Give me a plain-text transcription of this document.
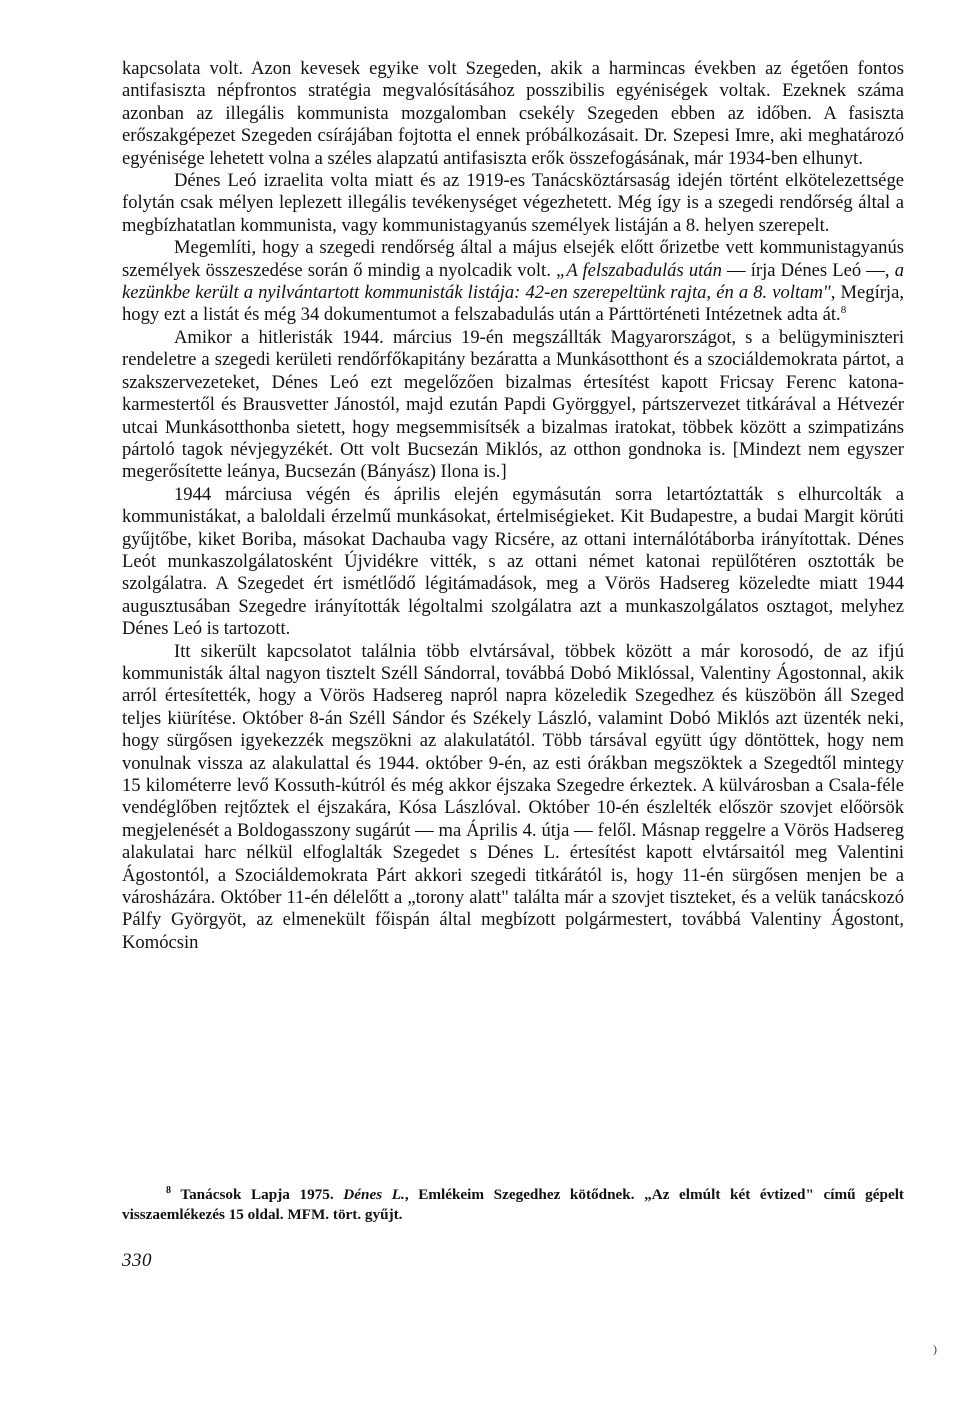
kapcsolata volt. Azon kevesek egyike volt Szegeden, akik a harmincas években az égetően fontos antifasiszta népfrontos stratégia megvalósításához posszibilis egyéniségek voltak. Ezeknek száma azonban az illegális kommunista mozgalomban csekély Szegeden ebben az időben. A fasiszta erőszakgépezet Szegeden csírájában fojtotta el ennek próbálkozásait. Dr. Szepesi Imre, aki meghatározó egyénisége lehetett volna a széles alapzatú antifasiszta erők összefogásának, már 1934-ben elhunyt.

Dénes Leó izraelita volta miatt és az 1919-es Tanácsköztársaság idején történt elkötelezettsége folytán csak mélyen leplezett illegális tevékenységet végezhetett. Még így is a szegedi rendőrség által a megbízhatatlan kommunista, vagy kommunistagyanús személyek listáján a 8. helyen szerepelt.

Megemlíti, hogy a szegedi rendőrség által a május elsejék előtt őrizetbe vett kommunistagyanús személyek összeszedése során ő mindig a nyolcadik volt. „A felszabadulás után — írja Dénes Leó —, a kezünkbe került a nyilvántartott kommunisták listája: 42-en szerepeltünk rajta, én a 8. voltam", Megírja, hogy ezt a listát és még 34 dokumentumot a felszabadulás után a Párttörténeti Intézetnek adta át.$^8$

Amikor a hitleristák 1944. március 19-én megszállták Magyarországot, s a belügyminiszteri rendeletre a szegedi kerületi rendőrfőkapitány bezáratta a Munkásotthont és a szociáldemokrata pártot, a szakszervezeteket, Dénes Leó ezt megelőzően bizalmas értesítést kapott Fricsay Ferenc katona-karmestertől és Brausvetter Jánostól, majd ezután Papdi Györggyel, pártszervezet titkárával a Hétvezér utcai Munkásotthonba sietett, hogy megsemmisítsék a bizalmas iratokat, többek között a szimpatizáns pártoló tagok névjegyzékét. Ott volt Bucsezán Miklós, az otthon gondnoka is. [Mindezt nem egyszer megerősítette leánya, Bucsezán (Bányász) Ilona is.]

1944 márciusa végén és április elején egymásután sorra letartóztatták s elhurcolták a kommunistákat, a baloldali érzelmű munkásokat, értelmiségieket. Kit Budapestre, a budai Margit körúti gyűjtőbe, kiket Boriba, másokat Dachauba vagy Ricsére, az ottani internálótáborba irányítottak. Dénes Leót munkaszolgálatosként Újvidékre vitték, s az ottani német katonai repülőtéren osztották be szolgálatra. A Szegedet ért ismétlődő légitámadások, meg a Vörös Hadsereg közeledte miatt 1944 augusztusában Szegedre irányították légoltalmi szolgálatra azt a munkaszolgálatos osztagot, melyhez Dénes Leó is tartozott.

Itt sikerült kapcsolatot találnia több elvtársával, többek között a már korosodó, de az ifjú kommunisták által nagyon tisztelt Széll Sándorral, továbbá Dobó Miklóssal, Valentiny Ágostonnal, akik arról értesítették, hogy a Vörös Hadsereg napról napra közeledik Szegedhez és küszöbön áll Szeged teljes kiürítése. Október 8-án Széll Sándor és Székely László, valamint Dobó Miklós azt üzenték neki, hogy sürgősen igyekezzék megszökni az alakulatától. Több társával együtt úgy döntöttek, hogy nem vonulnak vissza az alakulattal és 1944. október 9-én, az esti órákban megszöktek a Szegedtől mintegy 15 kilométerre levő Kossuth-kútról és még akkor éjszaka Szegedre érkeztek. A külvárosban a Csala-féle vendéglőben rejtőztek el éjszakára, Kósa Lászlóval. Október 10-én észlelték először szovjet előörsök megjelenését a Boldogasszony sugárút — ma Április 4. útja — felől. Másnap reggelre a Vörös Hadsereg alakulatai harc nélkül elfoglalták Szegedet s Dénes L. értesítést kapott elvtársaitól meg Valentini Ágostontól, a Szociáldemokrata Párt akkori szegedi titkárától is, hogy 11-én sürgősen menjen be a városházára. Október 11-én délelőtt a „torony alatt" találta már a szovjet tiszteket, és a velük tanácskozó Pálfy Györgyöt, az elmenekült főispán által megbízott polgármestert, továbbá Valentiny Ágostont, Komócsin

$^8$ Tanácsok Lapja 1975. Dénes L., Emlékeim Szegedhez kötődnek. „Az elmúlt két évtized" című gépelt visszaemlékezés 15 oldal. MFM. tört. gyűjt.

330
)
